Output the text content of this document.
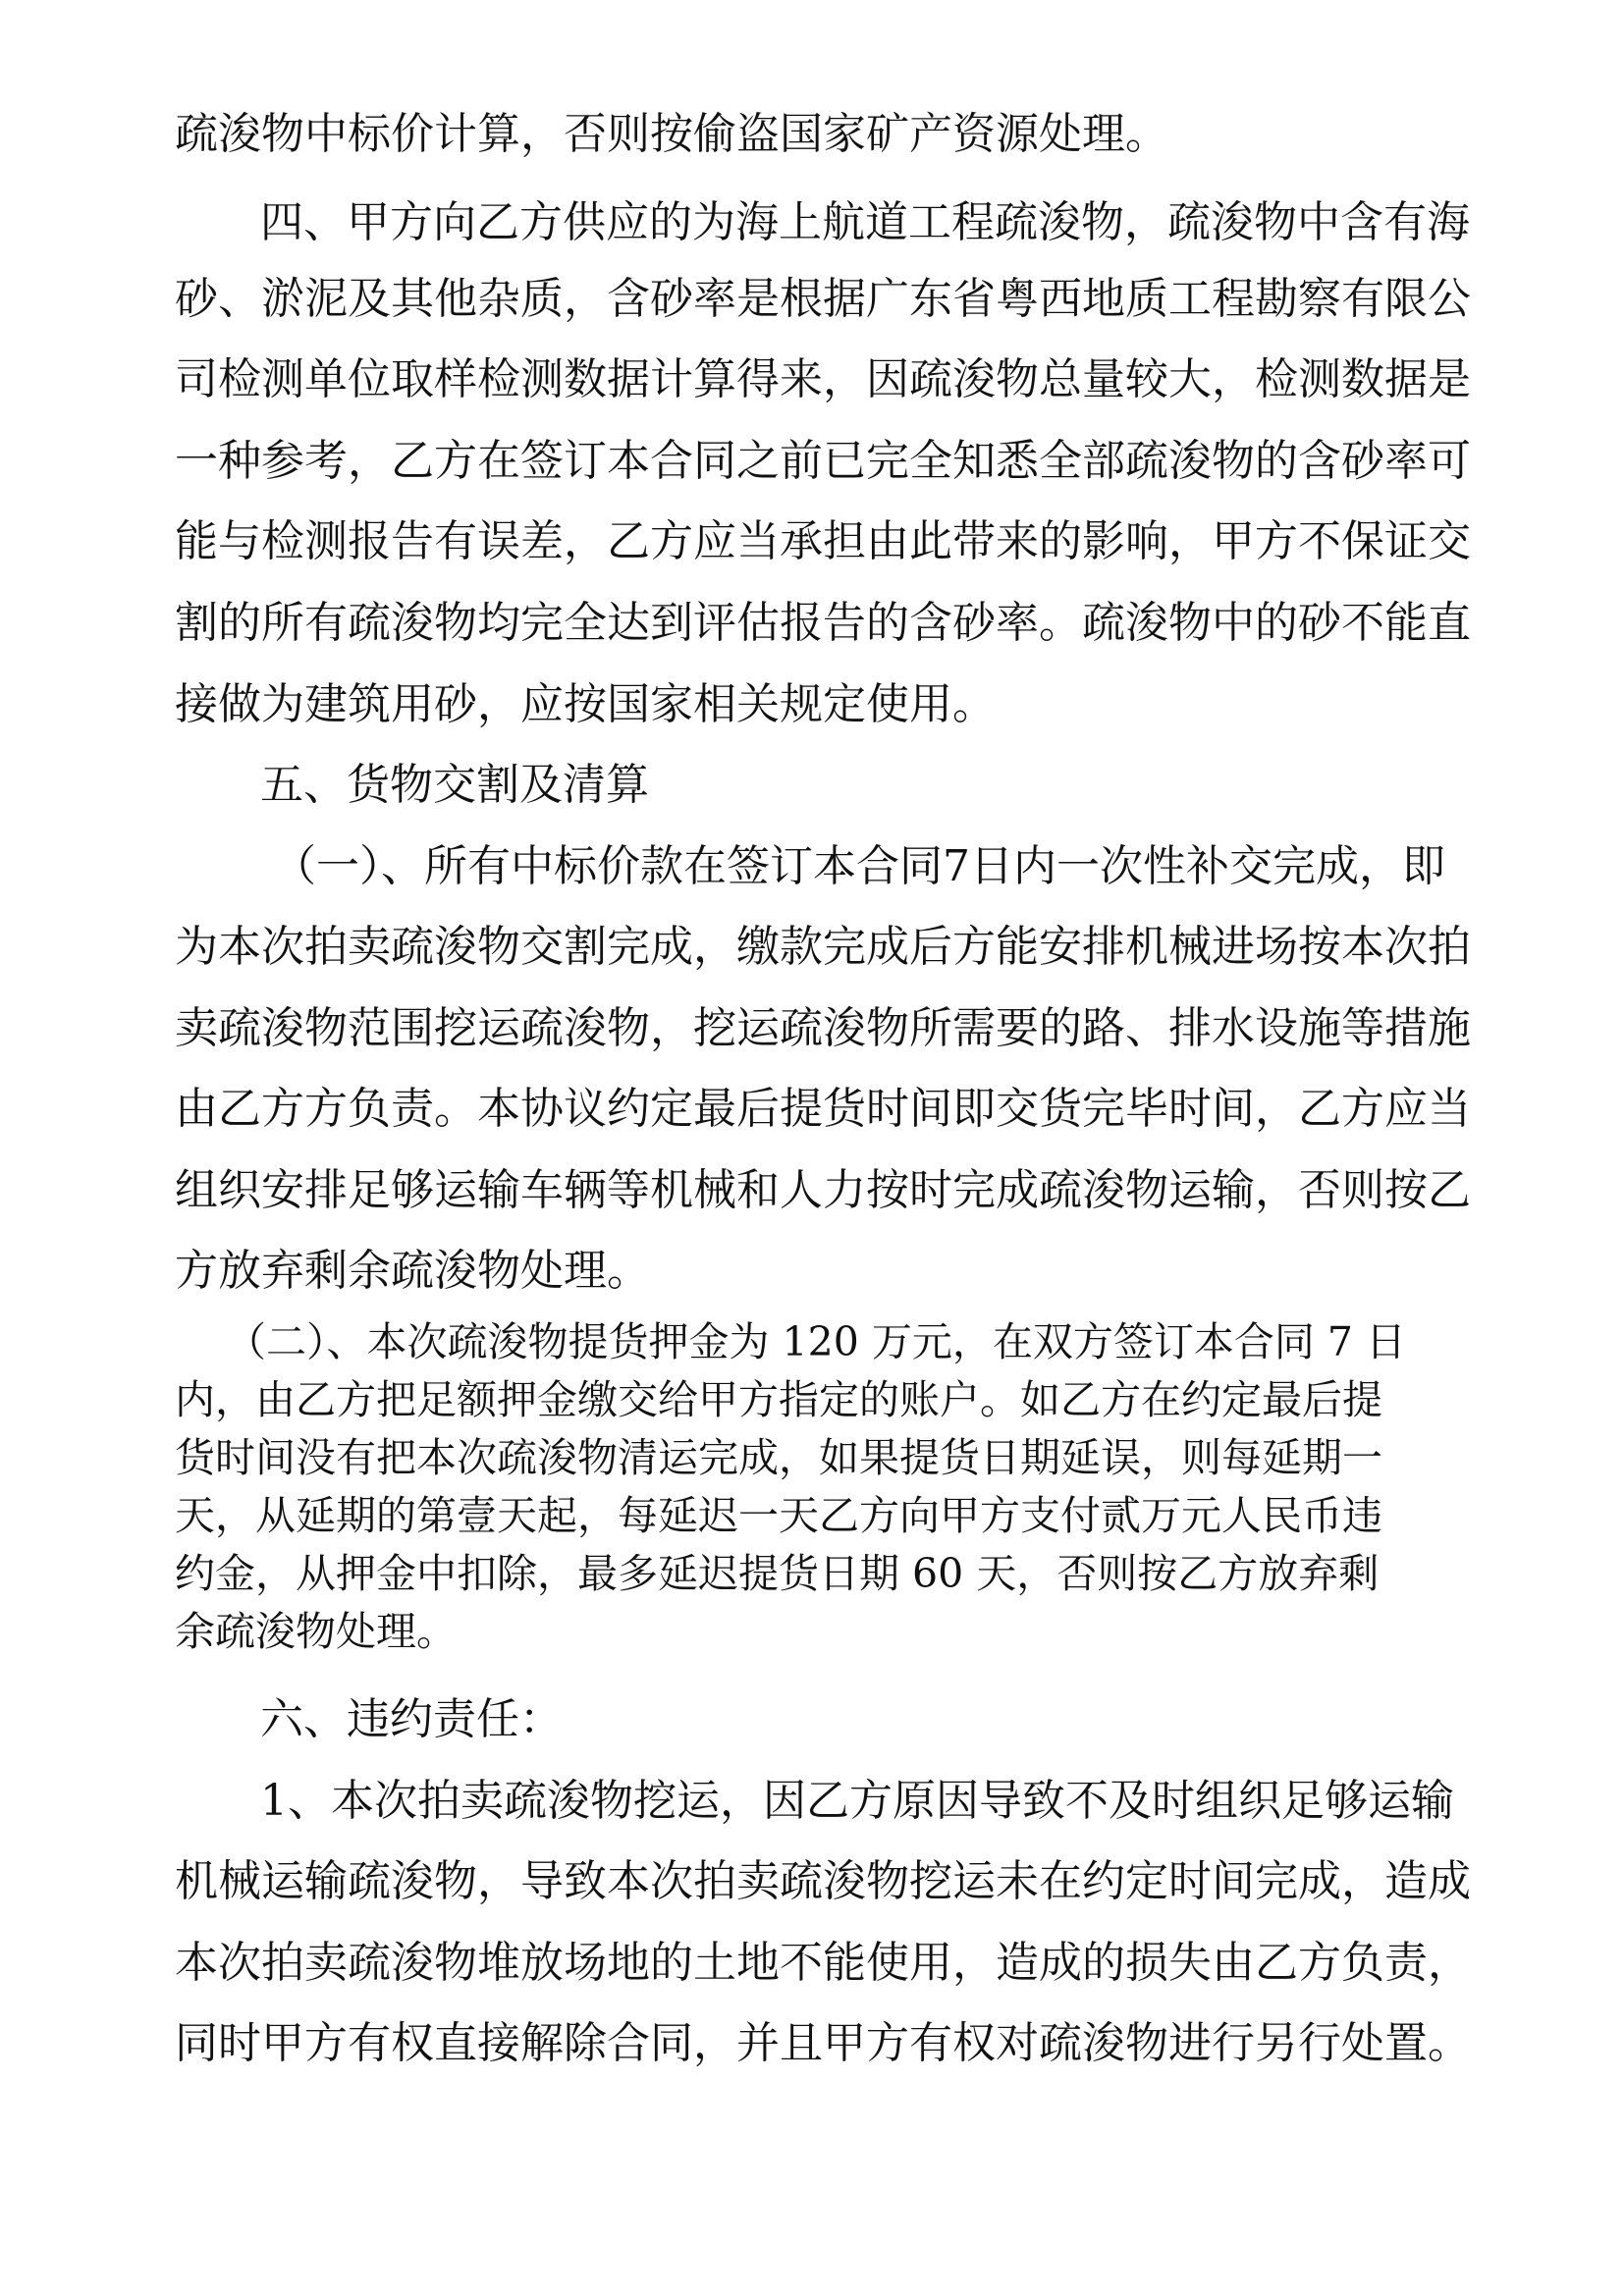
疏浚物中标价计算，否则按偷盗国家矿产资源处理。
四、甲方向乙方供应的为海上航道工程疏浚物，疏浚物中含有海
砂、淤泥及其他杂质，含砂率是根据广东省粤西地质工程勘察有限公
司检测单位取样检测数据计算得来，因疏浚物总量较大，检测数据是
一种参考，乙方在签订本合同之前已完全知悉全部疏浚物的含砂率可
能与检测报告有误差，乙方应当承担由此带来的影响，甲方不保证交
割的所有疏浚物均完全达到评估报告的含砂率。疏浚物中的砂不能直
接做为建筑用砂，应按国家相关规定使用。
五、货物交割及清算
（一）、所有中标价款在签订本合同7日内一次性补交完成，即
为本次拍卖疏浚物交割完成，缴款完成后方能安排机械进场按本次拍
卖疏浚物范围挖运疏浚物，挖运疏浚物所需要的路、排水设施等措施
由乙方方负责。本协议约定最后提货时间即交货完毕时间，乙方应当
组织安排足够运输车辆等机械和人力按时完成疏浚物运输，否则按乙
方放弃剩余疏浚物处理。
（二）、本次疏浚物提货押金为 120 万元，在双方签订本合同 7 日
内，由乙方把足额押金缴交给甲方指定的账户。如乙方在约定最后提
货时间没有把本次疏浚物清运完成，如果提货日期延误，则每延期一
天，从延期的第壹天起，每延迟一天乙方向甲方支付贰万元人民币违
约金，从押金中扣除，最多延迟提货日期 60 天，否则按乙方放弃剩
余疏浚物处理。
六、违约责任：
1、本次拍卖疏浚物挖运，因乙方原因导致不及时组织足够运输
机械运输疏浚物，导致本次拍卖疏浚物挖运未在约定时间完成，造成
本次拍卖疏浚物堆放场地的土地不能使用，造成的损失由乙方负责，
同时甲方有权直接解除合同，并且甲方有权对疏浚物进行另行处置。
